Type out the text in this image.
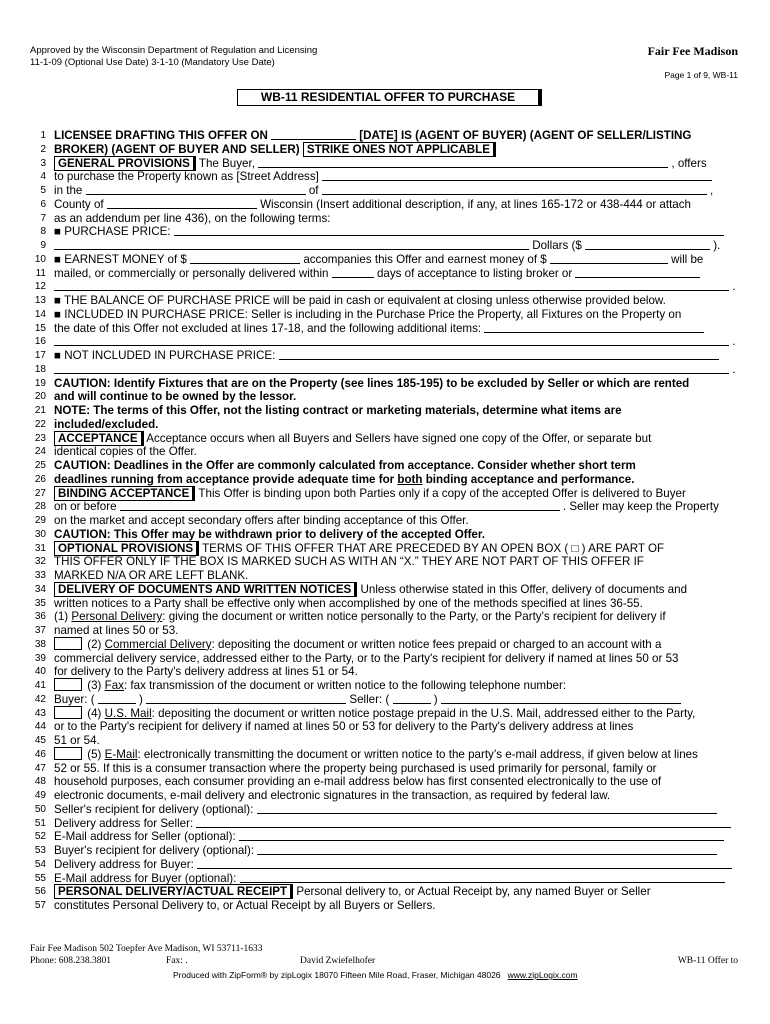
Approved by the Wisconsin Department of Regulation and Licensing
11-1-09 (Optional Use Date) 3-1-10 (Mandatory Use Date)
Fair Fee Madison
Page 1 of 9, WB-11
WB-11 RESIDENTIAL OFFER TO PURCHASE
1 LICENSEE DRAFTING THIS OFFER ON	[DATE] IS (AGENT OF BUYER) (AGENT OF SELLER/LISTING
2 BROKER) (AGENT OF BUYER AND SELLER) STRIKE ONES NOT APPLICABLE
3	GENERAL PROVISIONS The Buyer,	, offers
4 to purchase the Property known as [Street Address]
5 in the	of	,
6 County of	Wisconsin (Insert additional description, if any, at lines 165-172 or 438-444 or attach
7 as an addendum per line 436), on the following terms:
8 ■ PURCHASE PRICE:
9	Dollars ($	).
10 ■ EARNEST MONEY of $	accompanies this Offer and earnest money of $	will be
11 mailed, or commercially or personally delivered within	days of acceptance to listing broker or
12	.
13 ■ THE BALANCE OF PURCHASE PRICE will be paid in cash or equivalent at closing unless otherwise provided below.
14 ■ INCLUDED IN PURCHASE PRICE: Seller is including in the Purchase Price the Property, all Fixtures on the Property on
15 the date of this Offer not excluded at lines 17-18, and the following additional items:
16	.
17 ■ NOT INCLUDED IN PURCHASE PRICE:
18	.
19 CAUTION: Identify Fixtures that are on the Property (see lines 185-195) to be excluded by Seller or which are rented
20 and will continue to be owned by the lessor.
21 NOTE: The terms of this Offer, not the listing contract or marketing materials, determine what items are
22 included/excluded.
23	ACCEPTANCE Acceptance occurs when all Buyers and Sellers have signed one copy of the Offer, or separate but
24 identical copies of the Offer.
25 CAUTION: Deadlines in the Offer are commonly calculated from acceptance. Consider whether short term
26 deadlines running from acceptance provide adequate time for both binding acceptance and performance.
27	BINDING ACCEPTANCE This Offer is binding upon both Parties only if a copy of the accepted Offer is delivered to Buyer
28 on or before	. Seller may keep the Property
29 on the market and accept secondary offers after binding acceptance of this Offer.
30 CAUTION: This Offer may be withdrawn prior to delivery of the accepted Offer.
31	OPTIONAL PROVISIONS TERMS OF THIS OFFER THAT ARE PRECEDED BY AN OPEN BOX ( □ ) ARE PART OF
32 THIS OFFER ONLY IF THE BOX IS MARKED SUCH AS WITH AN “X.” THEY ARE NOT PART OF THIS OFFER IF
33 MARKED N/A OR ARE LEFT BLANK.
34	DELIVERY OF DOCUMENTS AND WRITTEN NOTICES Unless otherwise stated in this Offer, delivery of documents and
35 written notices to a Party shall be effective only when accomplished by one of the methods specified at lines 36-55.
36 (1) Personal Delivery: giving the document or written notice personally to the Party, or the Party's recipient for delivery if
37 named at lines 50 or 53.
38	(2) Commercial Delivery: depositing the document or written notice fees prepaid or charged to an account with a
39 commercial delivery service, addressed either to the Party, or to the Party's recipient for delivery if named at lines 50 or 53
40 for delivery to the Party's delivery address at lines 51 or 54.
41	(3) Fax: fax transmission of the document or written notice to the following telephone number:
42 Buyer: (	)	Seller: (	)
43	(4) U.S. Mail: depositing the document or written notice postage prepaid in the U.S. Mail, addressed either to the Party,
44 or to the Party's recipient for delivery if named at lines 50 or 53 for delivery to the Party's delivery address at lines
45 51 or 54.
46	(5) E-Mail: electronically transmitting the document or written notice to the party’s e-mail address, if given below at lines
47 52 or 55. If this is a consumer transaction where the property being purchased is used primarily for personal, family or
48 household purposes, each consumer providing an e-mail address below has first consented electronically to the use of
49 electronic documents, e-mail delivery and electronic signatures in the transaction, as required by federal law.
50 Seller's recipient for delivery (optional):
51 Delivery address for Seller:
52 E-Mail address for Seller (optional):
53 Buyer's recipient for delivery (optional):
54 Delivery address for Buyer:
55 E-Mail address for Buyer (optional):
56	PERSONAL DELIVERY/ACTUAL RECEIPT Personal delivery to, or Actual Receipt by, any named Buyer or Seller
57 constitutes Personal Delivery to, or Actual Receipt by all Buyers or Sellers.
Fair Fee Madison 502 Toepfer Ave Madison, WI 53711-1633
Phone: 608.238.3801	Fax: .	David Zwiefelhofer	WB-11 Offer to
Produced with ZipForm® by zipLogix 18070 Fifteen Mile Road, Fraser, Michigan 48026 www.zipLogix.com
